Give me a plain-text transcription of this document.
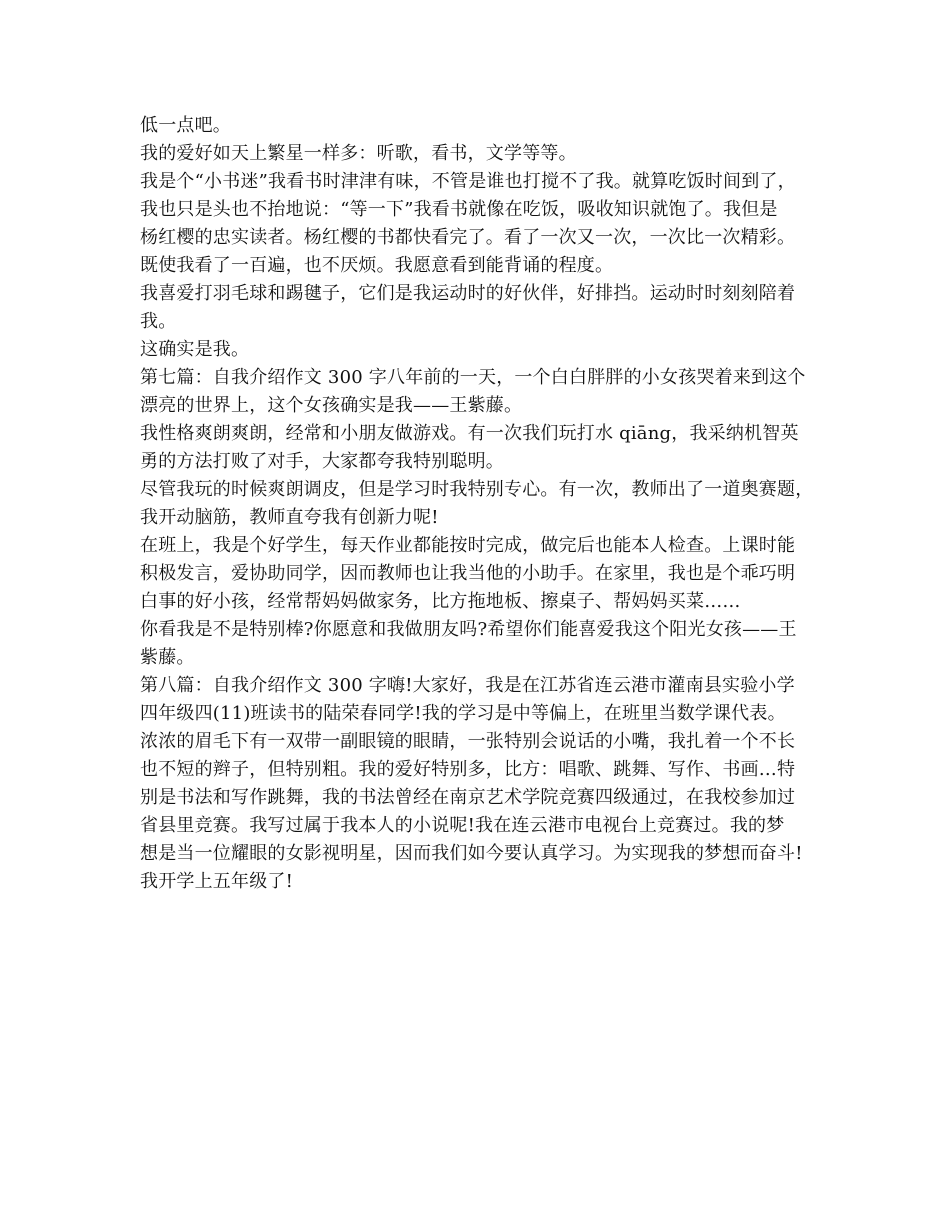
低一点吧。
我的爱好如天上繁星一样多：听歌，看书，文学等等。
我是个“小书迷”我看书时津津有味，不管是谁也打搅不了我。就算吃饭时间到了，
我也只是头也不抬地说：“等一下”我看书就像在吃饭，吸收知识就饱了。我但是
杨红樱的忠实读者。杨红樱的书都快看完了。看了一次又一次，一次比一次精彩。
既使我看了一百遍，也不厌烦。我愿意看到能背诵的程度。
我喜爱打羽毛球和踢毽子，它们是我运动时的好伙伴，好排挡。运动时时刻刻陪着
我。
这确实是我。
第七篇：自我介绍作文 300 字八年前的一天，一个白白胖胖的小女孩哭着来到这个
漂亮的世界上，这个女孩确实是我——王紫藤。
我性格爽朗爽朗，经常和小朋友做游戏。有一次我们玩打水 qiāng，我采纳机智英
勇的方法打败了对手，大家都夸我特别聪明。
尽管我玩的时候爽朗调皮，但是学习时我特别专心。有一次，教师出了一道奥赛题，
我开动脑筋，教师直夸我有创新力呢!
在班上，我是个好学生，每天作业都能按时完成，做完后也能本人检查。上课时能
积极发言，爱协助同学，因而教师也让我当他的小助手。在家里，我也是个乖巧明
白事的好小孩，经常帮妈妈做家务，比方拖地板、擦桌子、帮妈妈买菜……
你看我是不是特别棒?你愿意和我做朋友吗?希望你们能喜爱我这个阳光女孩——王
紫藤。
第八篇：自我介绍作文 300 字嗨!大家好，我是在江苏省连云港市灌南县实验小学
四年级四(11)班读书的陆荣春同学!我的学习是中等偏上，在班里当数学课代表。
浓浓的眉毛下有一双带一副眼镜的眼睛，一张特别会说话的小嘴，我扎着一个不长
也不短的辫子，但特别粗。我的爱好特别多，比方：唱歌、跳舞、写作、书画…特
别是书法和写作跳舞，我的书法曾经在南京艺术学院竞赛四级通过，在我校参加过
省县里竞赛。我写过属于我本人的小说呢!我在连云港市电视台上竞赛过。我的梦
想是当一位耀眼的女影视明星，因而我们如今要认真学习。为实现我的梦想而奋斗!
我开学上五年级了!
